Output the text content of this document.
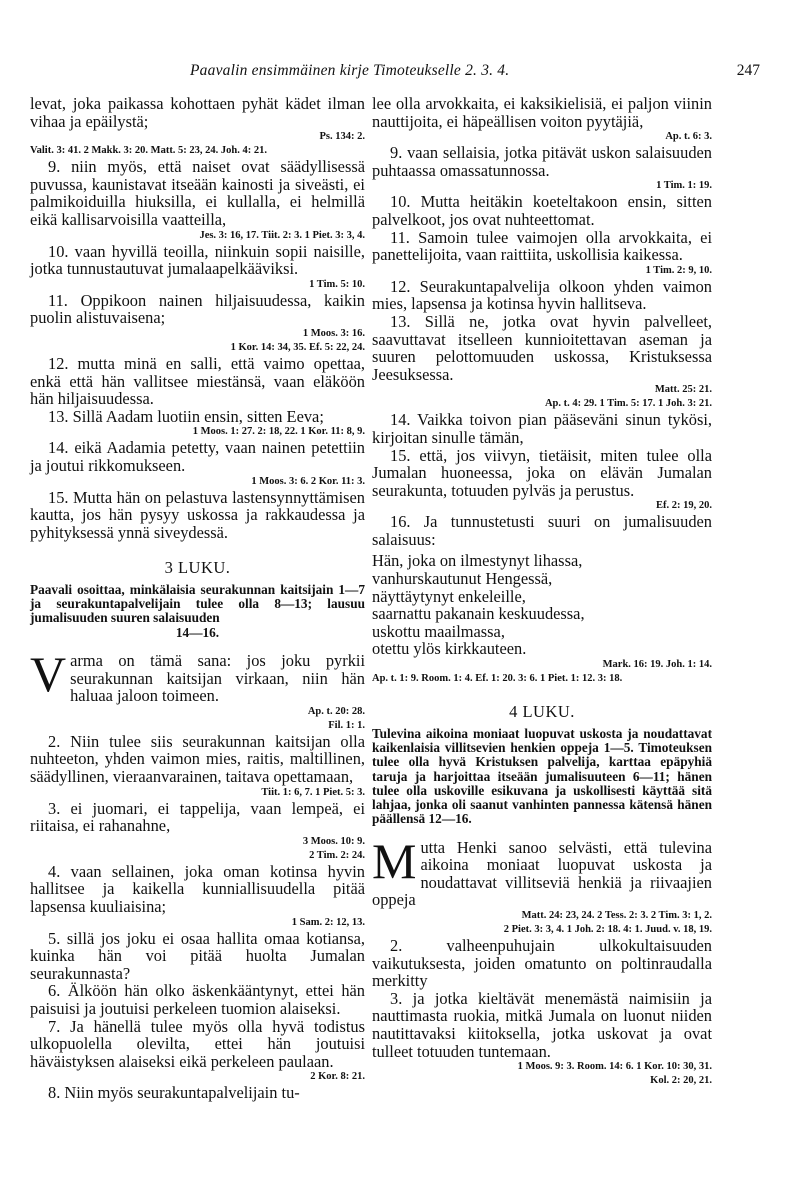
Paavalin ensimmäinen kirje Timoteukselle 2. 3. 4.	247

levat, joka paikassa kohottaen pyhät kädet ilman vihaa ja epäilystä;

Ps. 134: 2.
Valit. 3: 41. 2 Makk. 3: 20. Matt. 5: 23, 24. Joh. 4: 21.

9. niin myös, että naiset ovat säädyllisessä puvussa, kaunistavat itseään kainosti ja siveästi, ei palmikoiduilla hiuksilla, ei kullalla, ei helmillä eikä kallisarvoisilla vaatteilla,

Jes. 3: 16, 17. Tiit. 2: 3. 1 Piet. 3: 3, 4.

10. vaan hyvillä teoilla, niinkuin sopii naisille, jotka tunnustautuvat jumalaapelkääviksi.

1 Tim. 5: 10.

11. Oppikoon nainen hiljaisuudessa, kaikin puolin alistuvaisena;

1 Moos. 3: 16.
1 Kor. 14: 34, 35. Ef. 5: 22, 24.

12. mutta minä en salli, että vaimo opettaa, enkä että hän vallitsee miestänsä, vaan eläköön hän hiljaisuudessa.

13. Sillä Aadam luotiin ensin, sitten Eeva;

1 Moos. 1: 27. 2: 18, 22. 1 Kor. 11: 8, 9.

14. eikä Aadamia petetty, vaan nainen petettiin ja joutui rikkomukseen.

1 Moos. 3: 6. 2 Kor. 11: 3.

15. Mutta hän on pelastuva lastensynnyttämisen kautta, jos hän pysyy uskossa ja rakkaudessa ja pyhityksessä ynnä siveydessä.

3 LUKU.
Paavali osoittaa, minkälaisia seurakunnan kaitsijain 1—7 ja seurakuntapalvelijain tulee olla 8—13; lausuu jumalisuuden suuren salaisuuden
14—16.

Varma on tämä sana: jos joku pyrkii seurakunnan kaitsijan virkaan, niin hän haluaa jaloon toimeen.

Ap. t. 20: 28.
Fil. 1: 1.

2. Niin tulee siis seurakunnan kaitsijan olla nuhteeton, yhden vaimon mies, raitis, maltillinen, säädyllinen, vieraanvarainen, taitava opettamaan,

Tiit. 1: 6, 7. 1 Piet. 5: 3.

3. ei juomari, ei tappelija, vaan lempeä, ei riitaisa, ei rahanahne,

3 Moos. 10: 9.
2 Tim. 2: 24.

4. vaan sellainen, joka oman kotinsa hyvin hallitsee ja kaikella kunniallisuudella pitää lapsensa kuuliaisina;

1 Sam. 2: 12, 13.

5. sillä jos joku ei osaa hallita omaa kotiansa, kuinka hän voi pitää huolta Jumalan seurakunnasta?

6. Älköön hän olko äskenkääntynyt, ettei hän paisuisi ja joutuisi perkeleen tuomion alaiseksi.

7. Ja hänellä tulee myös olla hyvä todistus ulkopuolella olevilta, ettei hän joutuisi häväistyksen alaiseksi eikä perkeleen paulaan.

2 Kor. 8: 21.

8. Niin myös seurakuntapalvelijain tu-

lee olla arvokkaita, ei kaksikielisiä, ei paljon viinin nauttijoita, ei häpeällisen voiton pyytäjiä,

Ap. t. 6: 3.

9. vaan sellaisia, jotka pitävät uskon salaisuuden puhtaassa omassatunnossa.

1 Tim. 1: 19.

10. Mutta heitäkin koeteltakoon ensin, sitten palvelkoot, jos ovat nuhteettomat.

11. Samoin tulee vaimojen olla arvokkaita, ei panettelijoita, vaan raittiita, uskollisia kaikessa.

1 Tim. 2: 9, 10.

12. Seurakuntapalvelija olkoon yhden vaimon mies, lapsensa ja kotinsa hyvin hallitseva.

13. Sillä ne, jotka ovat hyvin palvelleet, saavuttavat itselleen kunnioitettavan aseman ja suuren pelottomuuden uskossa, Kristuksessa Jeesuksessa.

Matt. 25: 21.
Ap. t. 4: 29. 1 Tim. 5: 17. 1 Joh. 3: 21.

14. Vaikka toivon pian pääseväni sinun tykösi, kirjoitan sinulle tämän,

15. että, jos viivyn, tietäisit, miten tulee olla Jumalan huoneessa, joka on elävän Jumalan seurakunta, totuuden pylväs ja perustus.

Ef. 2: 19, 20.

16. Ja tunnustetusti suuri on jumalisuuden salaisuus:

Hän, joka on ilmestynyt lihassa,

vanhurskautunut Hengessä,

näyttäytynyt enkeleille,

saarnattu pakanain keskuudessa,

uskottu maailmassa,

otettu ylös kirkkauteen.

Mark. 16: 19. Joh. 1: 14.
Ap. t. 1: 9. Room. 1: 4. Ef. 1: 20. 3: 6. 1 Piet. 1: 12. 3: 18.
4 LUKU.
Tulevina aikoina moniaat luopuvat uskosta ja noudattavat kaikenlaisia villitsevien henkien oppeja 1—5. Timoteuksen tulee olla hyvä Kristuksen palvelija, karttaa epäpyhiä taruja ja harjoittaa itseään jumalisuuteen 6—11; hänen tulee olla uskoville esikuvana ja uskollisesti käyttää sitä lahjaa, jonka oli saanut vanhinten pannessa kätensä hänen päällensä 12—16.

Mutta Henki sanoo selvästi, että tulevina aikoina moniaat luopuvat uskosta ja noudattavat villitseviä henkiä ja riivaajien oppeja

Matt. 24: 23, 24. 2 Tess. 2: 3. 2 Tim. 3: 1, 2.
2 Piet. 3: 3, 4. 1 Joh. 2: 18. 4: 1. Juud. v. 18, 19.

2. valheenpuhujain ulkokultaisuuden vaikutuksesta, joiden omatunto on poltinraudalla merkitty

3. ja jotka kieltävät menemästä naimisiin ja nauttimasta ruokia, mitkä Jumala on luonut niiden nautittavaksi kiitoksella, jotka uskovat ja ovat tulleet totuuden tuntemaan.

1 Moos. 9: 3. Room. 14: 6. 1 Kor. 10: 30, 31.
Kol. 2: 20, 21.
